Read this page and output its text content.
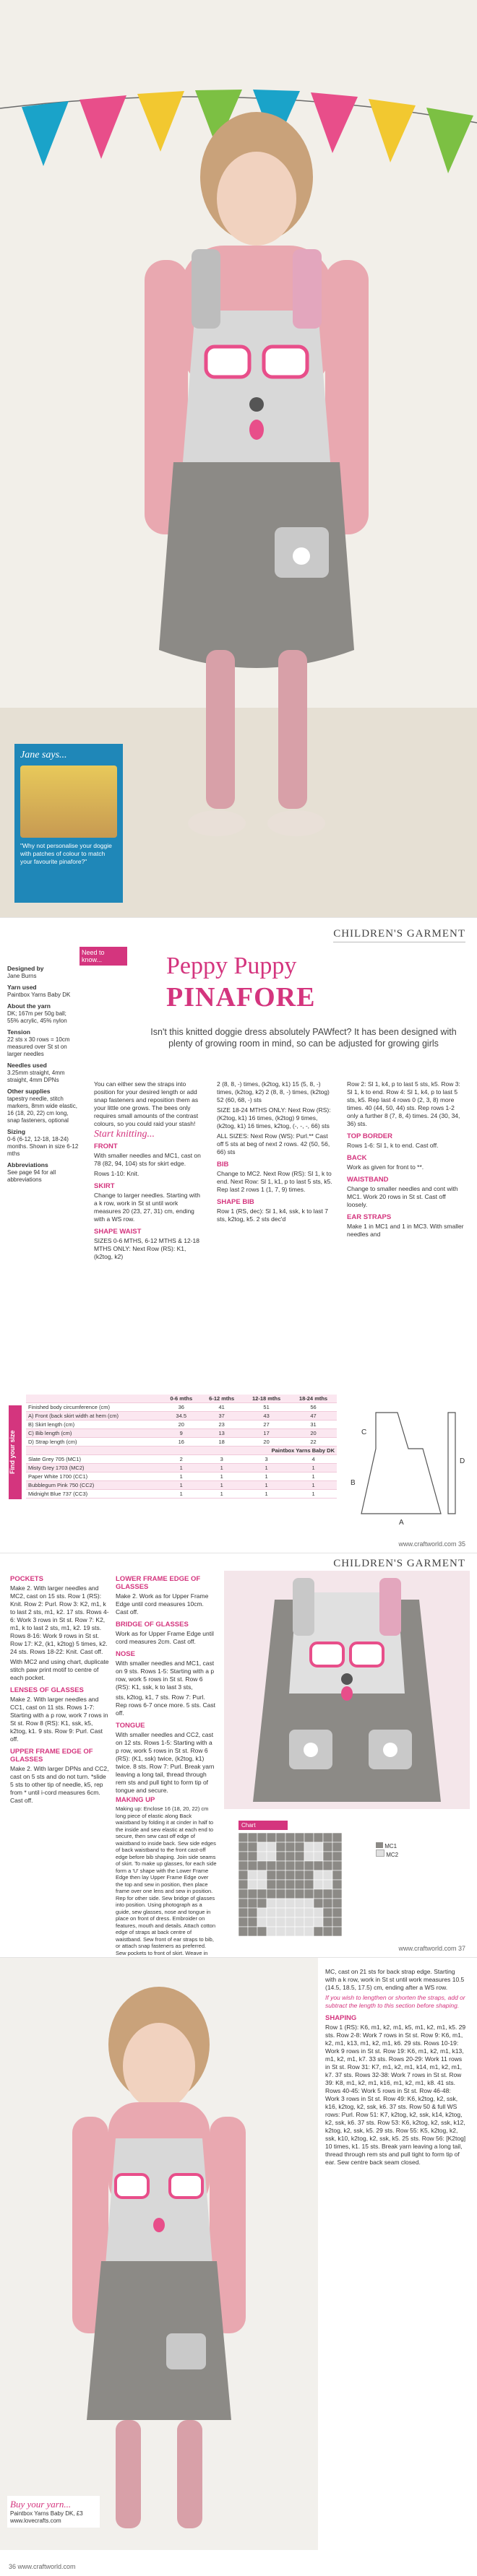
Jane says...
"Why not personalise your doggie with patches of colour to match your favourite pinafore?"
CHILDREN'S GARMENT
Need to know...
Designed by
Jane Burns
Yarn used
Paintbox Yarns Baby DK
About the yarn
DK; 167m per 50g ball; 55% acrylic, 45% nylon
Tension
22 sts x 30 rows = 10cm measured over St st on larger needles
Needles used
3.25mm straight, 4mm straight, 4mm DPNs
Other supplies
tapestry needle, stitch markers, 8mm wide elastic, 16 (18, 20, 22) cm long, snap fasteners, optional
Sizing
0-6 (6-12, 12-18, 18-24) months. Shown in size 6-12 mths
Abbreviations
See page 94 for all abbreviations
Peppy Puppy
PINAFORE
Isn't this knitted doggie dress absolutely PAWfect? It has been designed with plenty of growing room in mind, so can be adjusted for growing girls

You can either sew the straps into position for your desired length or add snap fasteners and reposition them as your little one grows. The bees only requires small amounts of the contrast colours, so you could raid your stash!

Start knitting...

FRONT

With smaller needles and MC1, cast on 78 (82, 94, 104) sts for skirt edge.

Rows 1-10: Knit.

SKIRT

Change to larger needles. Starting with a k row, work in St st until work measures 20 (23, 27, 31) cm, ending with a WS row.

SHAPE WAIST

SIZES 0-6 MTHS, 6-12 MTHS & 12-18 MTHS ONLY: Next Row (RS): K1, (k2tog, k2)

2 (8, 8, -) times, (k2tog, k1) 15 (5, 8, -) times, (k2tog, k2) 2 (8, 8, -) times, (k2tog) 52 (60, 68, -) sts

SIZE 18-24 MTHS ONLY: Next Row (RS): (K2tog, k1) 16 times, (k2tog) 9 times, (k2tog, k1) 16 times, k2tog, (-, -, -, 66) sts

ALL SIZES: Next Row (WS): Purl.** Cast off 5 sts at beg of next 2 rows. 42 (50, 56, 66) sts

BIB

Change to MC2. Next Row (RS): Sl 1, k to end. Next Row: Sl 1, k1, p to last 5 sts, k5. Rep last 2 rows 1 (1, 7, 9) times.

SHAPE BIB

Row 1 (RS, dec): Sl 1, k4, ssk, k to last 7 sts, k2tog, k5. 2 sts dec'd

Row 2: Sl 1, k4, p to last 5 sts, k5. Row 3: Sl 1, k to end. Row 4: Sl 1, k4, p to last 5 sts, k5. Rep last 4 rows 0 (2, 3, 8) more times. 40 (44, 50, 44) sts. Rep rows 1-2 only a further 8 (7, 8, 4) times. 24 (30, 34, 36) sts.

TOP BORDER

Rows 1-6: Sl 1, k to end. Cast off.

BACK

Work as given for front to **.

WAISTBAND

Change to smaller needles and cont with MC1. Work 20 rows in St st. Cast off loosely.

EAR STRAPS

Make 1 in MC1 and 1 in MC3. With smaller needles and

Find your size
	0-6 mths	6-12 mths	12-18 mths	18-24 mths
Finished body circumference (cm)	36	41	51	56
A) Front (back skirt width at hem (cm)	34.5	37	43	47
B) Skirt length (cm)	20	23	27	31
C) Bib length (cm)	9	13	17	20
D) Strap length (cm)	16	18	20	22
Paintbox Yarns Baby DK				
Slate Grey 705 (MC1)	2	3	3	4
Misty Grey 1703 (MC2)	1	1	1	1
Paper White 1700 (CC1)	1	1	1	1
Bubblegum Pink 750 (CC2)	1	1	1	1
Midnight Blue 737 (CC3)	1	1	1	1
A
B
C
D
www.craftworld.com 35
CHILDREN'S GARMENT
POCKETS

Make 2. With larger needles and MC2, cast on 15 sts. Row 1 (RS): Knit. Row 2: Purl. Row 3: K2, m1, k to last 2 sts, m1, k2. 17 sts. Rows 4-6: Work 3 rows in St st. Row 7: K2, m1, k to last 2 sts, m1, k2. 19 sts. Rows 8-16: Work 9 rows in St st. Row 17: K2, (k1, k2tog) 5 times, k2. 24 sts. Rows 18-22: Knit. Cast off.

With MC2 and using chart, duplicate stitch paw print motif to centre of each pocket.

LENSES OF GLASSES

Make 2. With larger needles and CC1, cast on 11 sts. Rows 1-7: Starting with a p row, work 7 rows in St st. Row 8 (RS): K1, ssk, k5, k2tog, k1. 9 sts. Row 9: Purl. Cast off.

UPPER FRAME EDGE OF GLASSES

Make 2. With larger DPNs and CC2, cast on 5 sts and do not turn. *slide 5 sts to other tip of needle, k5, rep from * until i-cord measures 6cm. Cast off.

LOWER FRAME EDGE OF GLASSES

Make 2. Work as for Upper Frame Edge until cord measures 10cm. Cast off.

BRIDGE OF GLASSES

Work as for Upper Frame Edge until cord measures 2cm. Cast off.

NOSE

With smaller needles and MC1, cast on 9 sts. Rows 1-5: Starting with a p row, work 5 rows in St st. Row 6 (RS): K1, ssk, k to last 3 sts,

sts, k2tog, k1, 7 sts. Row 7: Purl. Rep rows 6-7 once more. 5 sts. Cast off.

TONGUE

With smaller needles and CC2, cast on 12 sts. Rows 1-5: Starting with a p row, work 5 rows in St st. Row 6 (RS): (K1, ssk) twice, (k2tog, k1) twice. 8 sts. Row 7: Purl. Break yarn leaving a long tail, thread through rem sts and pull tight to form tip of tongue and secure.

MAKING UP

Making up: Enclose 16 (18, 20, 22) cm long piece of elastic along Back waistband by folding it at cinder in half to the inside and sew elastic at each end to secure, then sew cast off edge of waistband to inside back. Sew side edges of back waistband to the front cast-off edge before bib shaping. Join side seams of skirt. To make up glasses, for each side form a 'U' shape with the Lower Frame Edge then lay Upper Frame Edge over the top and sew in position, then place frame over one lens and sew in position. Rep for other side. Sew bridge of glasses into position. Using photograph as a guide, sew glasses, nose and tongue in place on front of dress. Embroider on features, mouth and details. Attach cotton edge of straps at back centre of waistband. Sew front of ear straps to bib, or attach snap fasteners as preferred. Sew pockets to front of skirt. Weave in

Chart
MC1
MC2
www.craftworld.com 37
Buy your yarn...
Paintbox Yarns Baby DK, £3 www.lovecrafts.com

MC, cast on 21 sts for back strap edge. Starting with a k row, work in St st until work measures 10.5 (14.5, 18.5, 17.5) cm, ending after a WS row.

If you wish to lengthen or shorten the straps, add or subtract the length to this section before shaping.

SHAPING

Row 1 (RS): K6, m1, k2, m1, k5, m1, k2, m1, k5. 29 sts. Row 2-8: Work 7 rows in St st. Row 9: K6, m1, k2, m1, k13, m1, k2, m1, k6. 29 sts. Rows 10-19: Work 9 rows in St st. Row 19: K6, m1, k2, m1, k13, m1, k2, m1, k7. 33 sts. Rows 20-29: Work 11 rows in St st. Row 31: K7, m1, k2, m1, k14, m1, k2, m1, k7. 37 sts. Rows 32-38: Work 7 rows in St st. Row 39: K8, m1, k2, m1, k16, m1, k2, m1, k8. 41 sts. Rows 40-45: Work 5 rows in St st. Row 46-48: Work 3 rows in St st. Row 49: K6, k2tog, k2, ssk, k16, k2tog, k2, ssk, k6. 37 sts. Row 50 & full WS rows: Purl. Row 51: K7, k2tog, k2, ssk, k14, k2tog, k2, ssk, k6. 37 sts. Row 53: K6, k2tog, k2, ssk, k12, k2tog, k2, ssk, k5. 29 sts. Row 55: K5, k2tog, k2, ssk, k10, k2tog, k2, ssk, k5. 25 sts. Row 56: [K2tog] 10 times, k1. 15 sts. Break yarn leaving a long tail, thread through rem sts and pull tight to form tip of ear. Sew centre back seam closed.

36 www.craftworld.com
